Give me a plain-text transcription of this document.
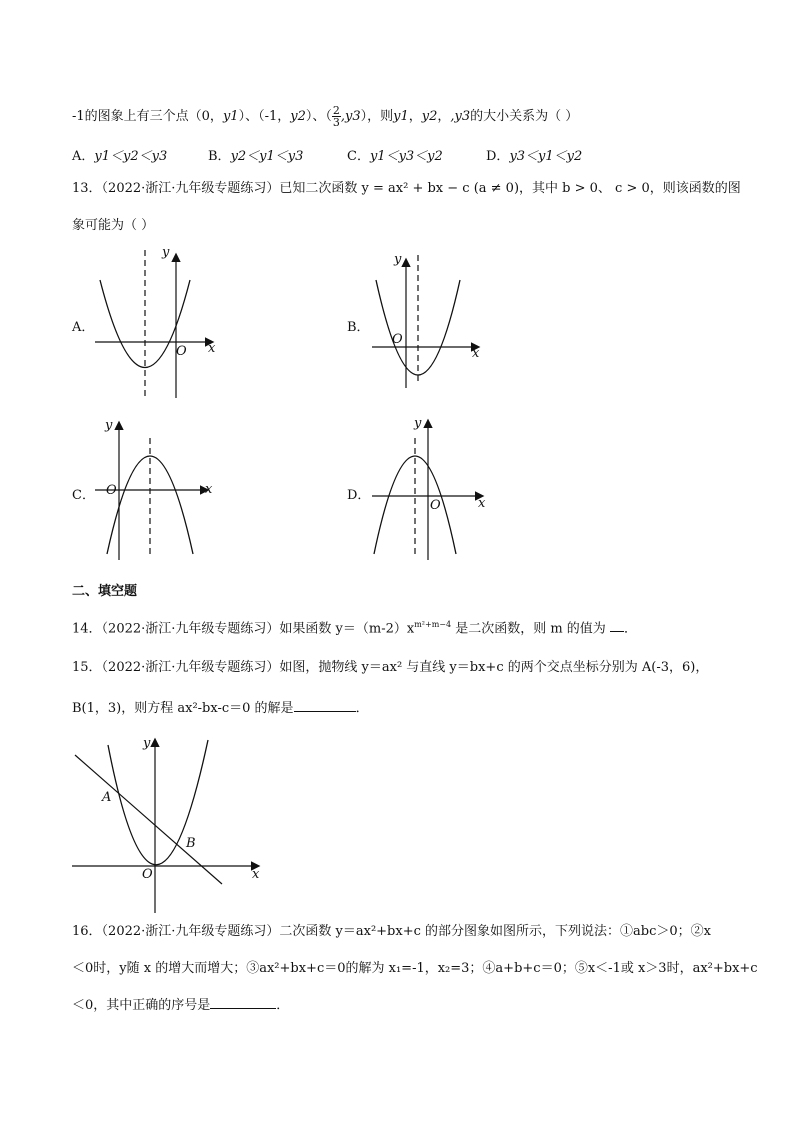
-1的图象上有三个点（0，y1）、（-1，y2）、（ $\frac{2}{3} ,y3$），则y1，y2，,y3的大小关系为（ ）
A．y1＜y2＜y3	B．y2＜y1＜y3	C．y1＜y3＜y2	D．y3＜y1＜y2
13．（2022·浙江·九年级专题练习）已知二次函数 y = ax² + bx − c (a ≠ 0)，其中 b > 0、 c > 0，则该函数的图
象可能为（ ）
A．
y
x
O
B．
y
x
O
C．
y
x
O	D．
y
x
O
二、填空题
14．（2022·浙江·九年级专题练习）如果函数 $y=(m-2)x^{m^2+m-4}$ 是二次函数，则 m 的值为 ．
15．（2022·浙江·九年级专题练习）如图，抛物线 y＝ax² 与直线 y＝bx+c 的两个交点坐标分别为 A(-3，6)，
B(1，3)，则方程 ax²-bx-c＝0 的解是	．
y
x
O
A
B
16．（2022·浙江·九年级专题练习）二次函数 y＝ax²+bx+c 的部分图象如图所示，下列说法：①abc＞0；②x
＜0时，y随 x 的增大而增大；③ax²+bx+c＝0的解为 x₁=-1，x₂=3；④a+b+c＝0；⑤x＜-1或 x＞3时，ax²+bx+c
＜0，其中正确的序号是	．
